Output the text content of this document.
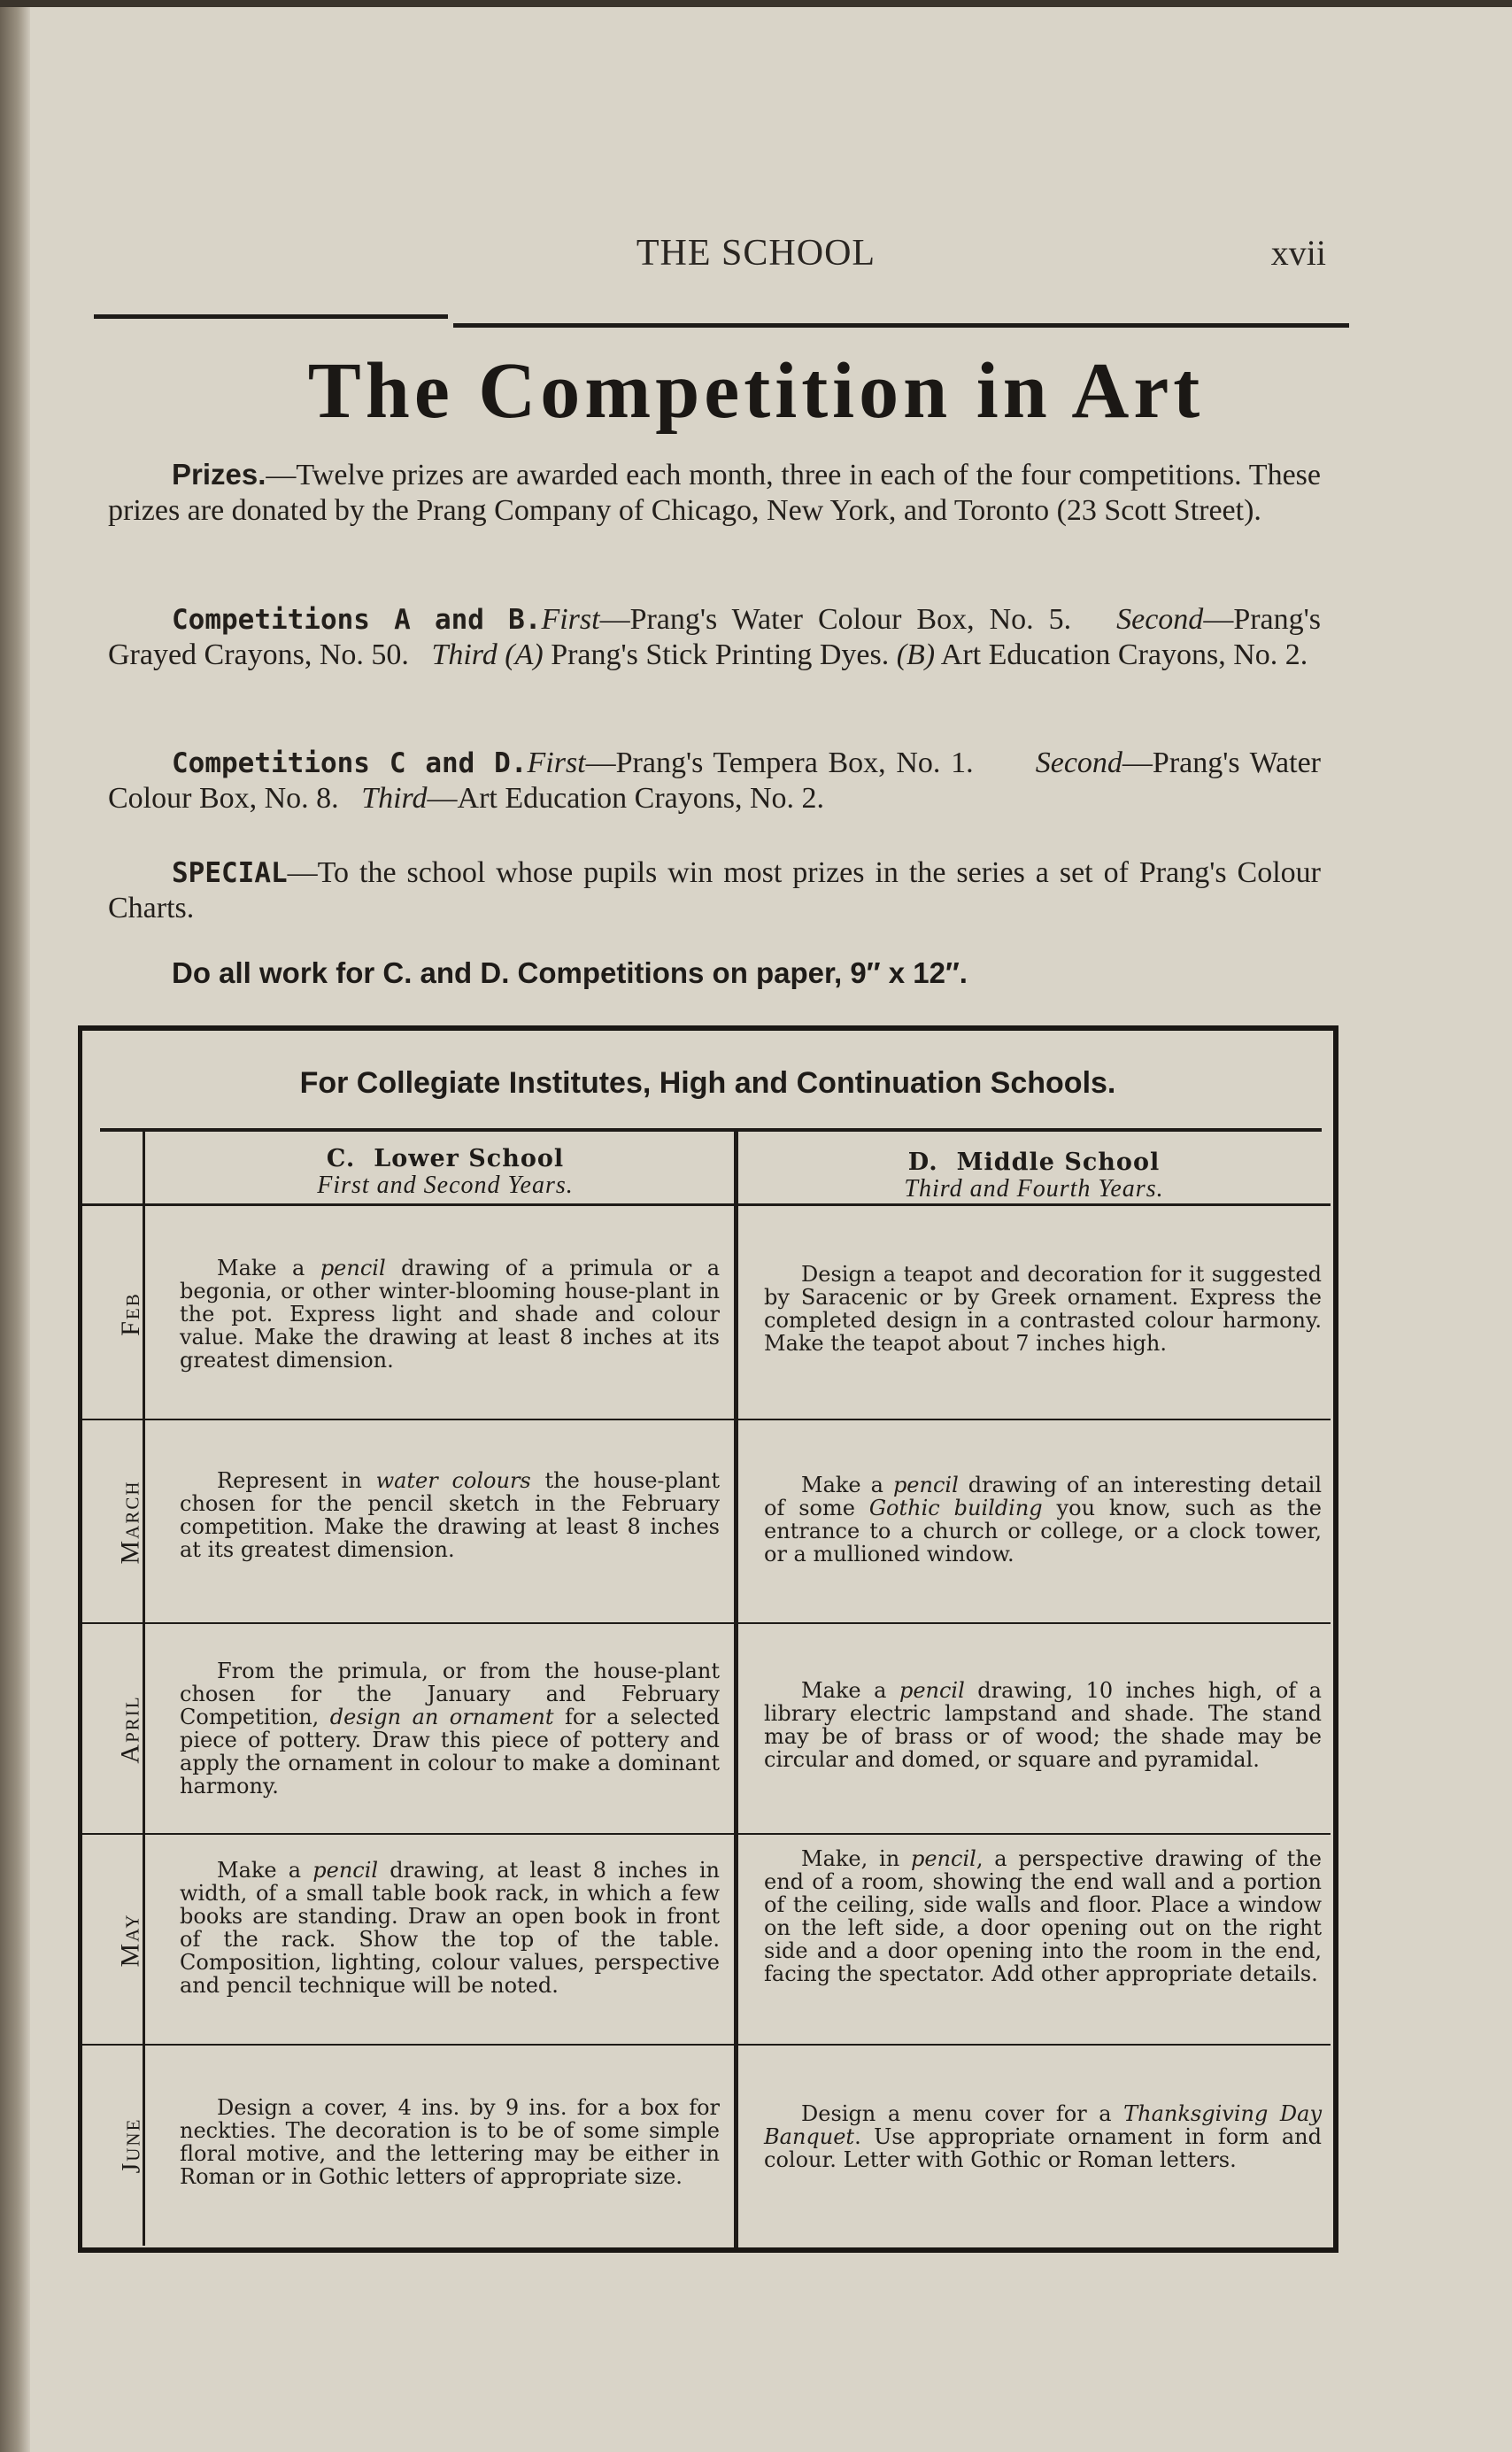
THE SCHOOL	xvii
The Competition in Art
Prizes.—Twelve prizes are awarded each month, three in each of the four competitions. These prizes are donated by the Prang Company of Chicago, New York, and Toronto (23 Scott Street).
Competitions A and B.First—Prang's Water Colour Box, No. 5. Second—Prang's Grayed Crayons, No. 50. Third (A) Prang's Stick Printing Dyes. (B) Art Education Crayons, No. 2.
Competitions C and D.First—Prang's Tempera Box, No. 1. Second—Prang's Water Colour Box, No. 8. Third—Art Education Crayons, No. 2.
SPECIAL—To the school whose pupils win most prizes in the series a set of Prang's Colour Charts.
Do all work for C. and D. Competitions on paper, 9″ x 12″.
For Collegiate Institutes, High and Continuation Schools.
C. Lower School
First and Second Years.
D. Middle School
Third and Fourth Years.
Feb
Make a pencil drawing of a primula or a begonia, or other winter-blooming house-plant in the pot. Express light and shade and colour value. Make the drawing at least 8 inches at its greatest dimension.
Design a teapot and decoration for it suggested by Saracenic or by Greek ornament. Express the completed design in a contrasted colour harmony. Make the teapot about 7 inches high.
March	Represent in water colours the house-plant chosen for the pencil sketch in the February competition. Make the drawing at least 8 inches at its greatest dimension.
Make a pencil drawing of an interesting detail of some Gothic building you know, such as the entrance to a church or college, or a clock tower, or a mullioned window.
April
From the primula, or from the house-plant chosen for the January and February Competition, design an ornament for a selected piece of pottery. Draw this piece of pottery and apply the ornament in colour to make a dominant harmony.
Make a pencil drawing, 10 inches high, of a library electric lampstand and shade. The stand may be of brass or of wood; the shade may be circular and domed, or square and pyramidal.
May
Make a pencil drawing, at least 8 inches in width, of a small table book rack, in which a few books are standing. Draw an open book in front of the rack. Show the top of the table. Composition, lighting, colour values, perspective and pencil technique will be noted.
Make, in pencil, a perspective drawing of the end of a room, showing the end wall and a portion of the ceiling, side walls and floor. Place a window on the left side, a door opening out on the right side and a door opening into the room in the end, facing the spectator. Add other appropriate details.
June
Design a cover, 4 ins. by 9 ins. for a box for neckties. The decoration is to be of some simple floral motive, and the lettering may be either in Roman or in Gothic letters of appropriate size.
Design a menu cover for a Thanksgiving Day Banquet. Use appropriate ornament in form and colour. Letter with Gothic or Roman letters.
